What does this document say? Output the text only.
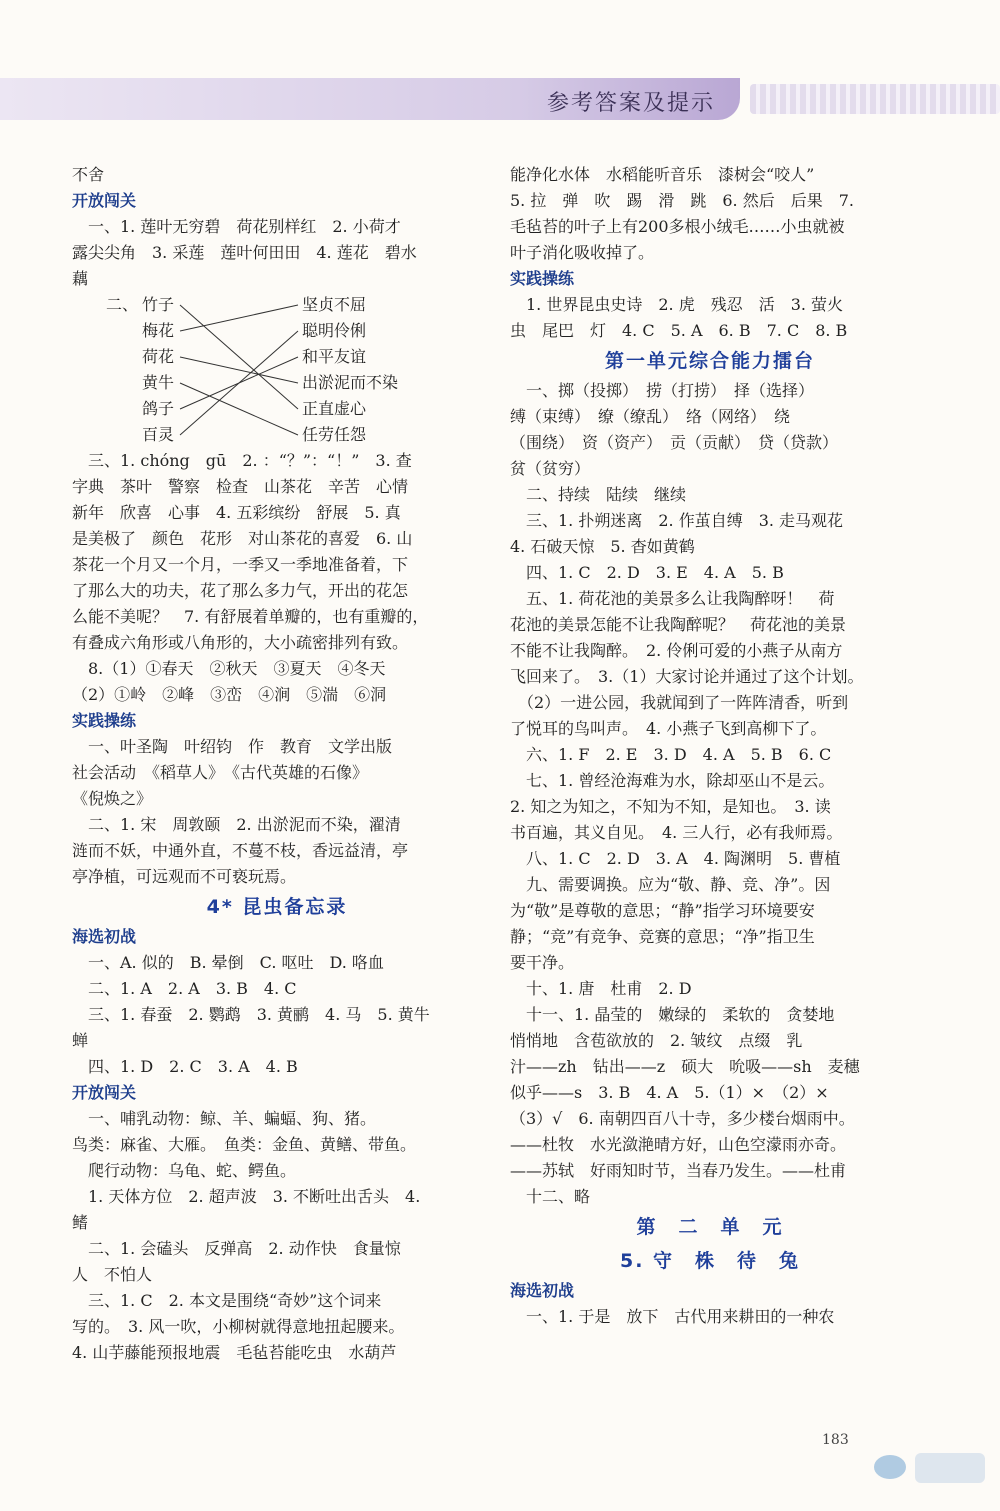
参考答案及提示
不舍
开放闯关
　一、1. 莲叶无穷碧　荷花别样红　2. 小荷才
露尖尖角　3. 采莲　莲叶何田田　4. 莲花　碧水
藕
二、 竹子
梅花
荷花
黄牛
鸽子
百灵
坚贞不屈
聪明伶俐
和平友谊
出淤泥而不染
正直虚心
任劳任怨
　三、1. chóng　gū　2. ：“？”：“！”　3. 查
字典　茶叶　警察　检查　山茶花　辛苦　心情
新年　欣喜　心事　4. 五彩缤纷　舒展　5. 真
是美极了　颜色　花形　对山茶花的喜爱　6. 山
茶花一个月又一个月，一季又一季地准备着，下
了那么大的功夫，花了那么多力气，开出的花怎
么能不美呢？　7. 有舒展着单瓣的，也有重瓣的，
有叠成六角形或八角形的，大小疏密排列有致。
　8.（1）①春天　②秋天　③夏天　④冬天
（2）①岭　②峰　③峦　④涧　⑤湍　⑥洞
实践操练
　一、叶圣陶　叶绍钧　作　教育　文学出版
社会活动　《稻草人》　《古代英雄的石像》
《倪焕之》
　二、1. 宋　周敦颐　2. 出淤泥而不染，濯清
涟而不妖，中通外直，不蔓不枝，香远益清，亭
亭净植，可远观而不可亵玩焉。
4* 昆虫备忘录
海选初战
　一、A. 似的　B. 晕倒　C. 呕吐　D. 咯血
　二、1. A　2. A　3. B　4. C
　三、1. 春蚕　2. 鹦鹉　3. 黄鹂　4. 马　5. 黄牛
蝉
　四、1. D　2. C　3. A　4. B
开放闯关
　一、哺乳动物：鲸、羊、蝙蝠、狗、猪。
鸟类：麻雀、大雁。　鱼类：金鱼、黄鳝、带鱼。
　爬行动物：乌龟、蛇、鳄鱼。
　1. 天体方位　2. 超声波　3. 不断吐出舌头　4.
鳍
　二、1. 会磕头　反弹高　2. 动作快　食量惊
人　不怕人
　三、1. C　2. 本文是围绕“奇妙”这个词来
写的。　3. 风一吹，小柳树就得意地扭起腰来。
4. 山芋藤能预报地震　毛毡苔能吃虫　水葫芦
能净化水体　水稻能听音乐　漆树会“咬人”
5. 拉　弹　吹　踢　滑　跳　6. 然后　后果　7.
毛毡苔的叶子上有200多根小绒毛……小虫就被
叶子消化吸收掉了。
实践操练
　1. 世界昆虫史诗　2. 虎　残忍　活　3. 萤火
虫　尾巴　灯　4. C　5. A　6. B　7. C　8. B
第一单元综合能力擂台
　一、掷（投掷）　捞（打捞）　择（选择）
缚（束缚）　缭（缭乱）　络（网络）　绕
（围绕）　资（资产）　贡（贡献）　贷（贷款）
贫（贫穷）
　二、持续　陆续　继续
　三、1. 扑朔迷离　2. 作茧自缚　3. 走马观花
4. 石破天惊　5. 杳如黄鹤
　四、1. C　2. D　3. E　4. A　5. B
　五、1. 荷花池的美景多么让我陶醉呀！　荷
花池的美景怎能不让我陶醉呢？　荷花池的美景
不能不让我陶醉。　2. 伶俐可爱的小燕子从南方
飞回来了。　3.（1）大家讨论并通过了这个计划。
　（2）一进公园，我就闻到了一阵阵清香，听到
了悦耳的鸟叫声。　4. 小燕子飞到高柳下了。
　六、1. F　2. E　3. D　4. A　5. B　6. C
　七、1. 曾经沧海难为水，除却巫山不是云。
2. 知之为知之，不知为不知，是知也。　3. 读
书百遍，其义自见。　4. 三人行，必有我师焉。
　八、1. C　2. D　3. A　4. 陶渊明　5. 曹植
　九、需要调换。应为“敬、静、竞、净”。因
为“敬”是尊敬的意思；“静”指学习环境要安
静；“竞”有竞争、竞赛的意思；“净”指卫生
要干净。
　十、1. 唐　杜甫　2. D
　十一、1. 晶莹的　嫩绿的　柔软的　贪婪地
悄悄地　含苞欲放的　2. 皱纹　点缀　乳
汁——zh　钻出——z　硕大　吮吸——sh　麦穗
似乎——s　3. B　4. A　5.（1）×　（2）×
（3）√　6. 南朝四百八十寺，多少楼台烟雨中。
——杜牧　水光潋滟晴方好，山色空濛雨亦奇。
——苏轼　好雨知时节，当春乃发生。——杜甫
　十二、略
第　二　单　元
5. 守　株　待　兔
海选初战
　一、1. 于是　放下　古代用来耕田的一种农
183
